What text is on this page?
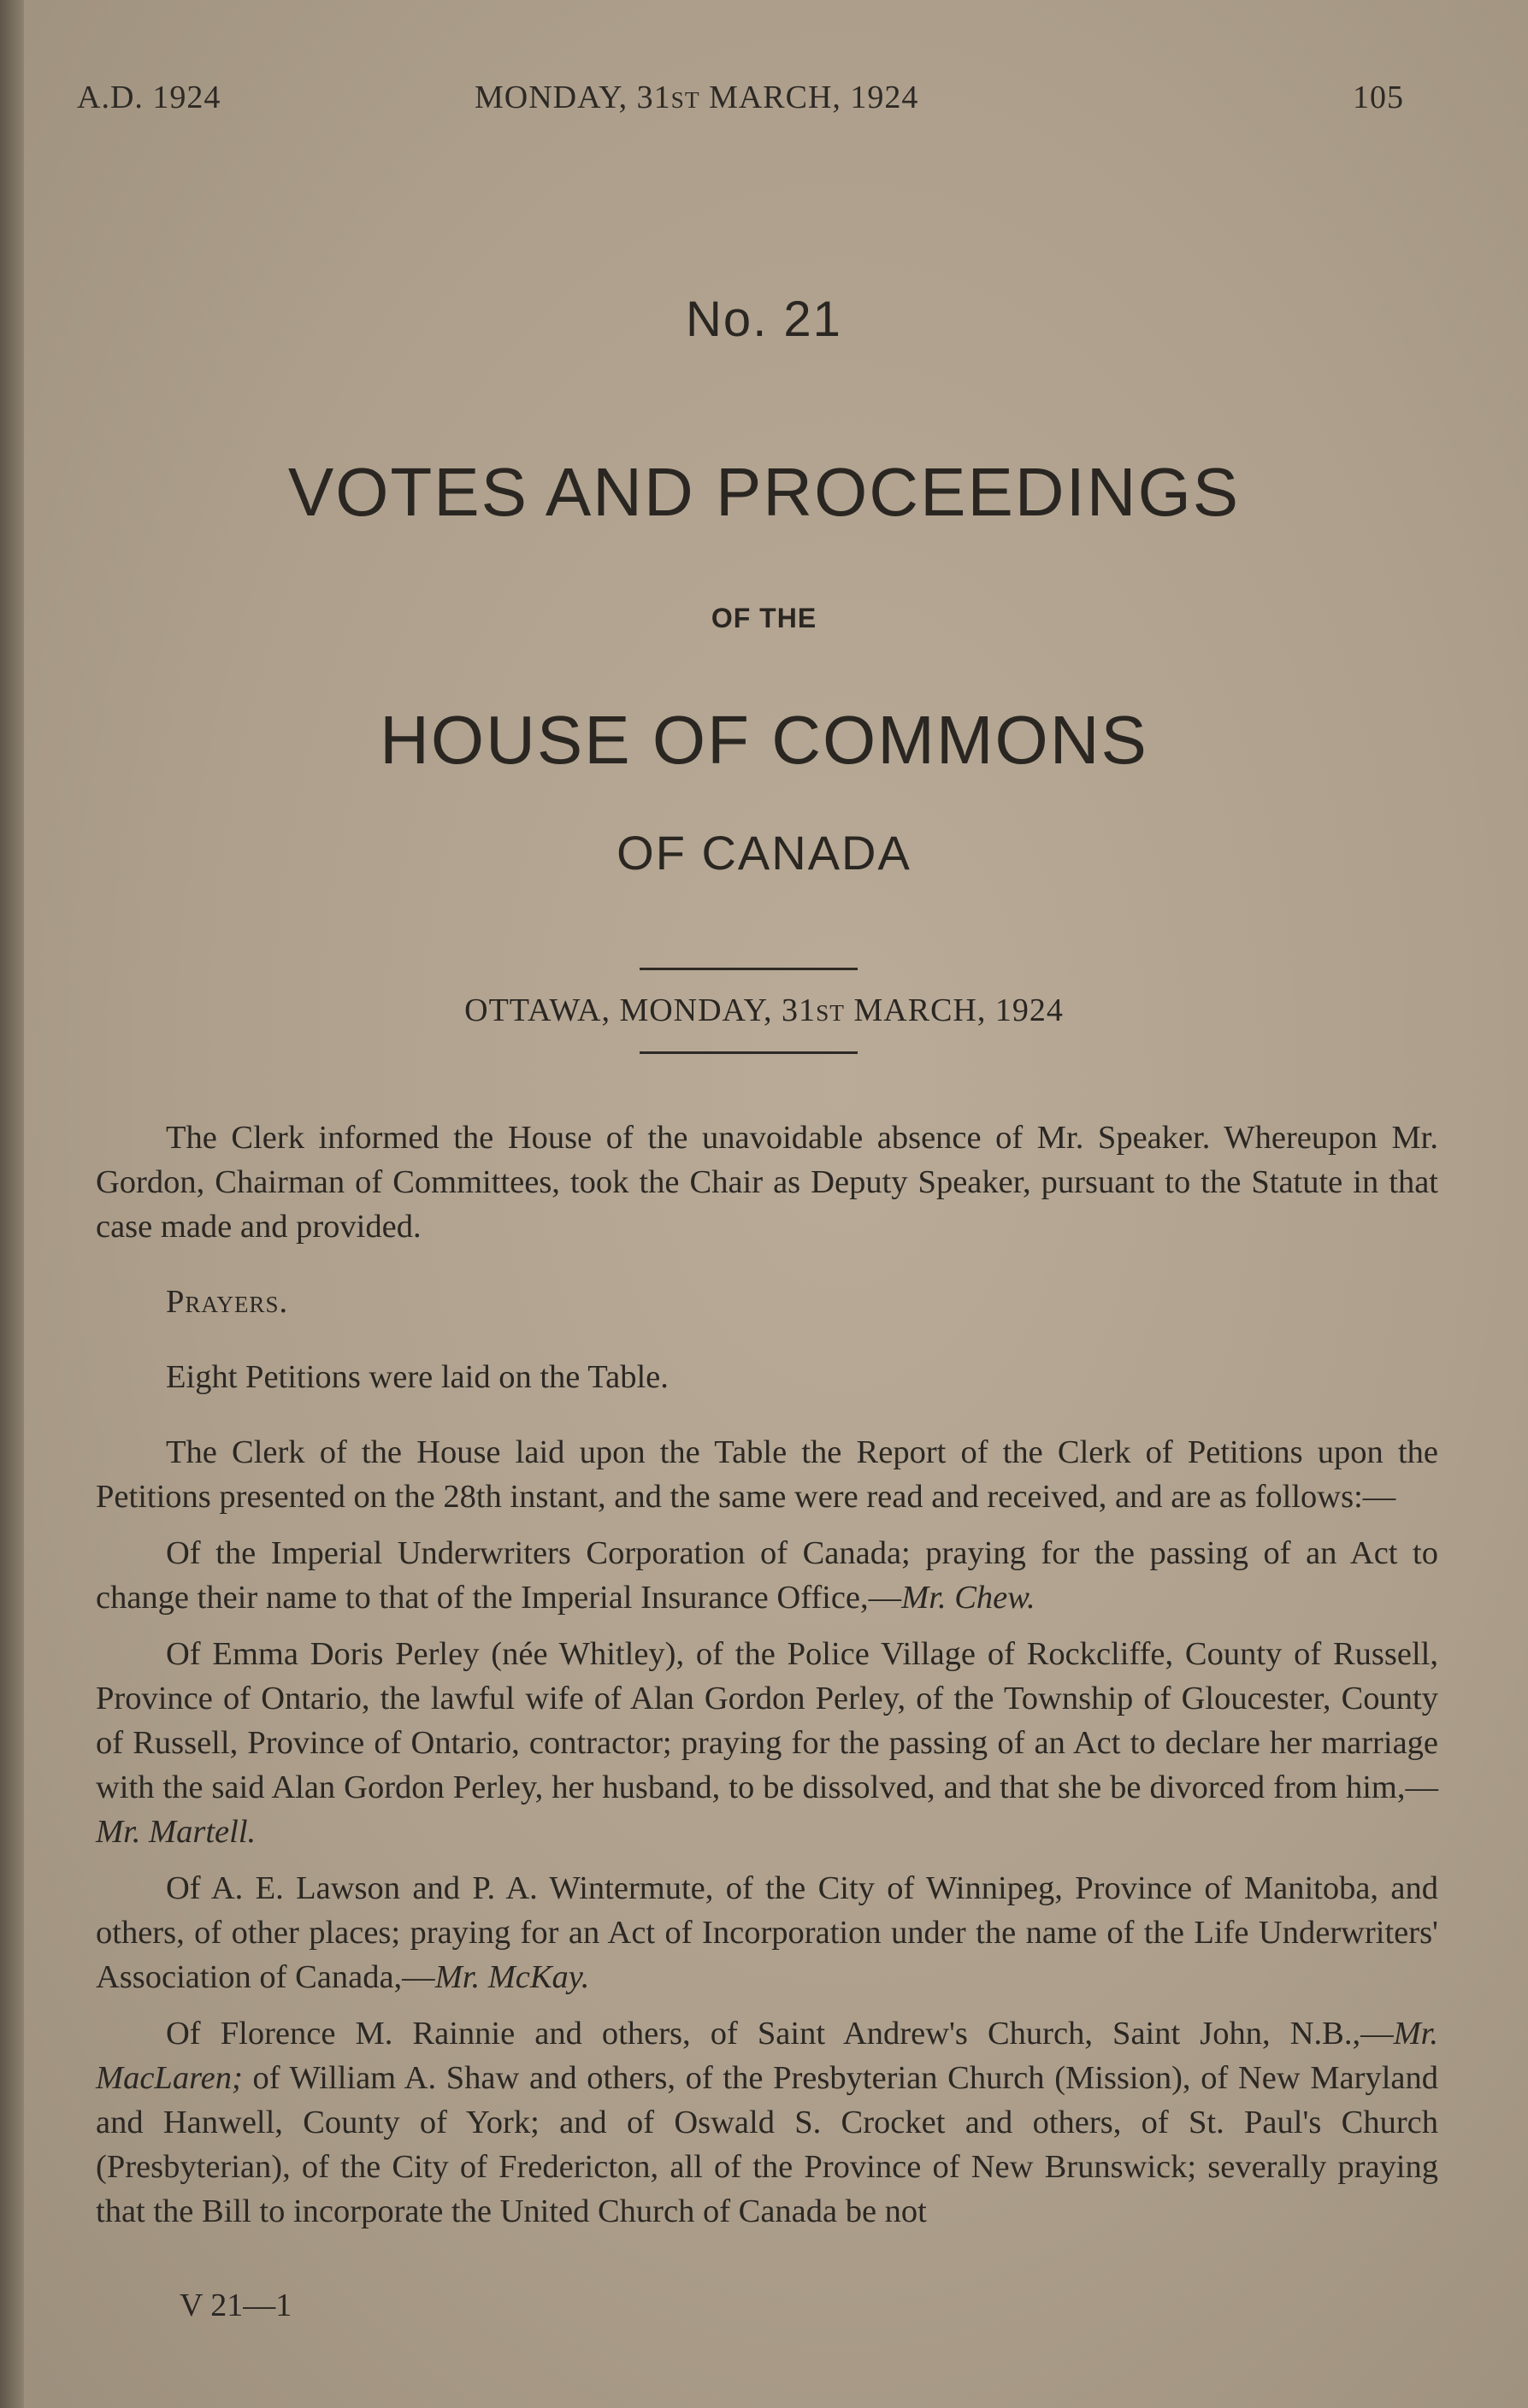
A.D. 1924	MONDAY, 31ST MARCH, 1924	105
No. 21
VOTES AND PROCEEDINGS
OF THE
HOUSE OF COMMONS
OF CANADA
OTTAWA, MONDAY, 31ST MARCH, 1924

The Clerk informed the House of the unavoidable absence of Mr. Speaker. Whereupon Mr. Gordon, Chairman of Committees, took the Chair as Deputy Speaker, pursuant to the Statute in that case made and provided.

Prayers.

Eight Petitions were laid on the Table.

The Clerk of the House laid upon the Table the Report of the Clerk of Petitions upon the Petitions presented on the 28th instant, and the same were read and received, and are as follows:—

Of the Imperial Underwriters Corporation of Canada; praying for the passing of an Act to change their name to that of the Imperial Insurance Office,—Mr. Chew.

Of Emma Doris Perley (née Whitley), of the Police Village of Rockcliffe, County of Russell, Province of Ontario, the lawful wife of Alan Gordon Perley, of the Township of Gloucester, County of Russell, Province of Ontario, contractor; praying for the passing of an Act to declare her marriage with the said Alan Gordon Perley, her husband, to be dissolved, and that she be divorced from him,—Mr. Martell.

Of A. E. Lawson and P. A. Wintermute, of the City of Winnipeg, Province of Manitoba, and others, of other places; praying for an Act of Incorporation under the name of the Life Underwriters' Association of Canada,—Mr. McKay.

Of Florence M. Rainnie and others, of Saint Andrew's Church, Saint John, N.B.,—Mr. MacLaren; of William A. Shaw and others, of the Presbyterian Church (Mission), of New Maryland and Hanwell, County of York; and of Oswald S. Crocket and others, of St. Paul's Church (Presbyterian), of the City of Fredericton, all of the Province of New Brunswick; severally praying that the Bill to incorporate the United Church of Canada be not

V 21—1
